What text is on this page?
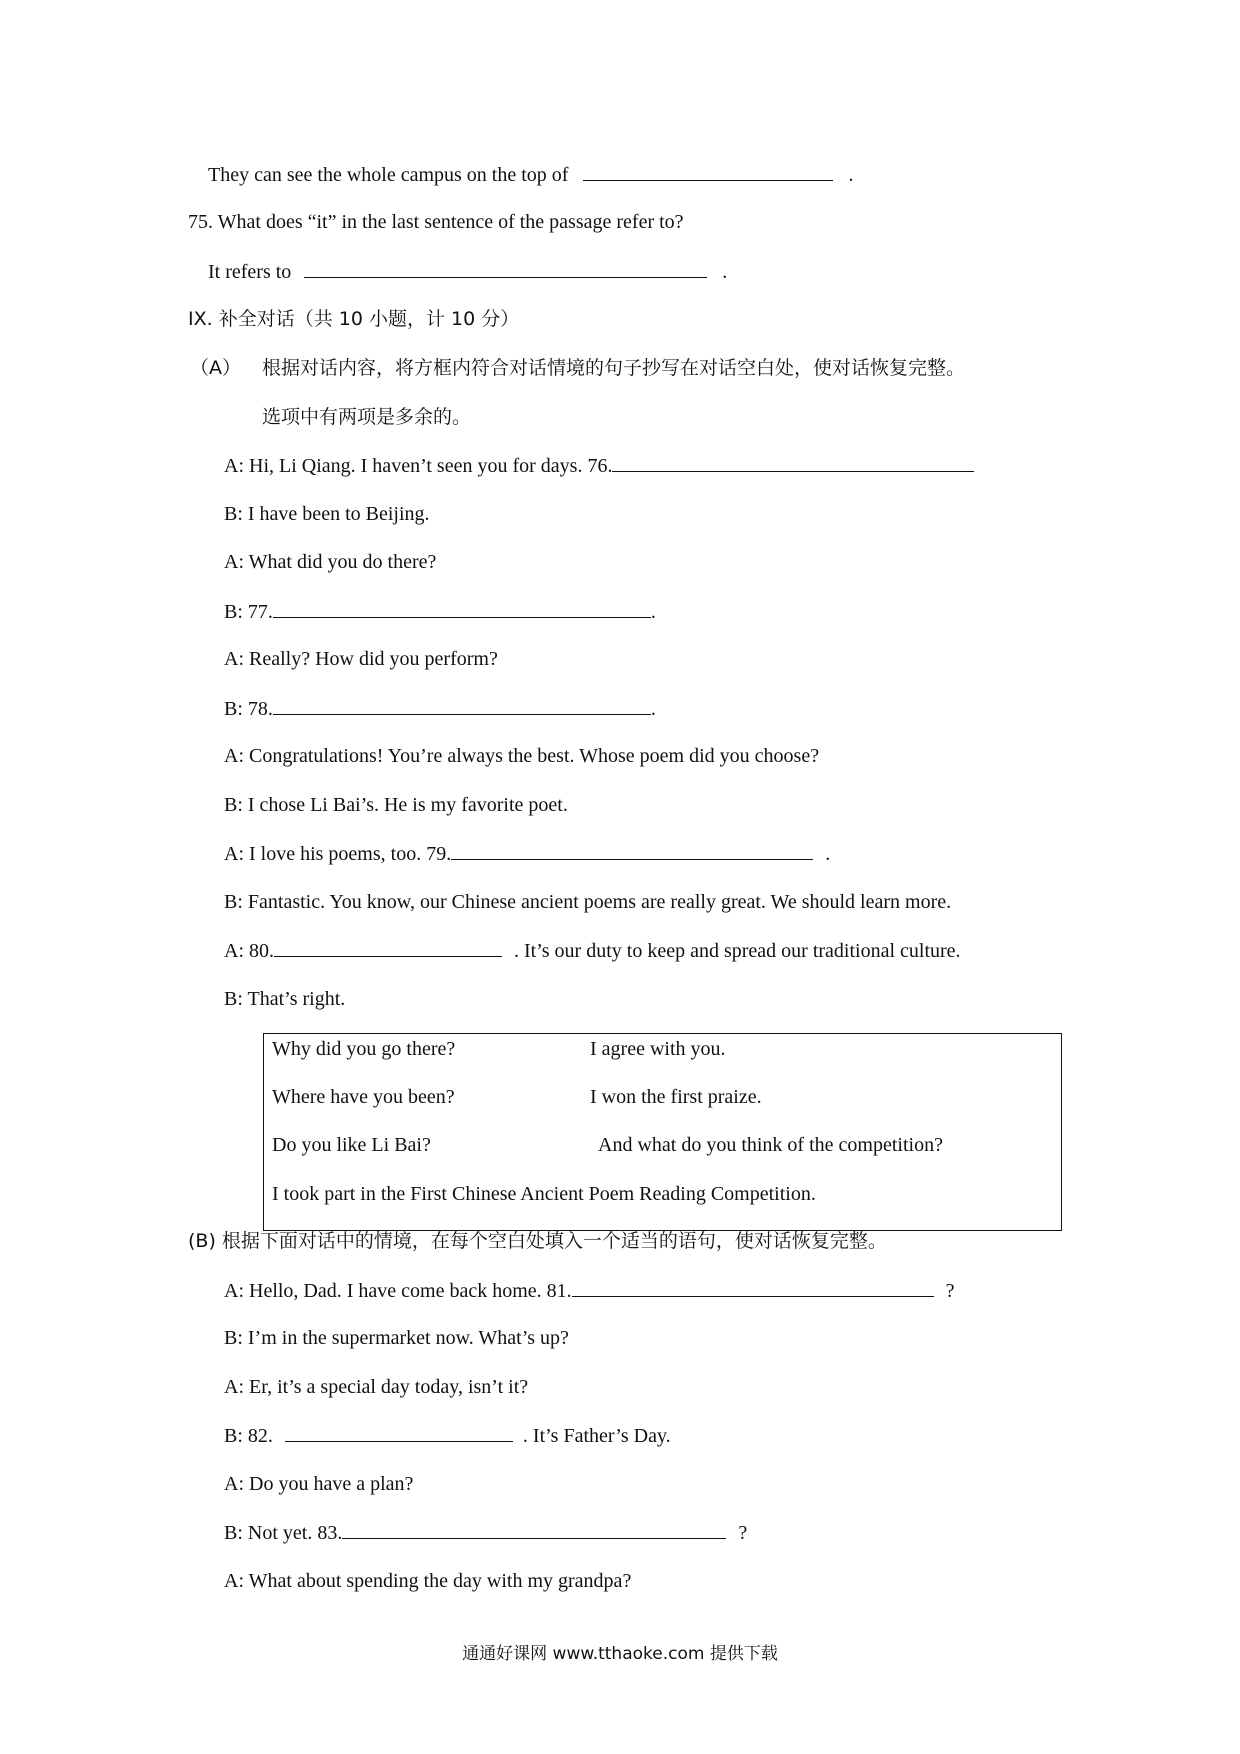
They can see the whole campus on the top of	.
75. What does “it” in the last sentence of the passage refer to?
It refers to	.
IX. 补全对话（共 10 小题，计 10 分）
（A） 根据对话内容，将方框内符合对话情境的句子抄写在对话空白处，使对话恢复完整。
选项中有两项是多余的。
A: Hi, Li Qiang. I haven’t seen you for days. 76.
B: I have been to Beijing.
A: What did you do there?
B: 77.	.
A: Really? How did you perform?
B: 78.	.
A: Congratulations! You’re always the best. Whose poem did you choose?
B: I chose Li Bai’s. He is my favorite poet.
A: I love his poems, too. 79.	.
B: Fantastic. You know, our Chinese ancient poems are really great. We should learn more.
A: 80.	. It’s our duty to keep and spread our traditional culture.
B: That’s right.
Why did you go there?	I agree with you.
Where have you been?	I won the first praize.
Do you like Li Bai?	And what do you think of the competition?
I took part in the First Chinese Ancient Poem Reading Competition.
(B) 根据下面对话中的情境，在每个空白处填入一个适当的语句，使对话恢复完整。
A: Hello, Dad. I have come back home. 81.	?
B: I’m in the supermarket now. What’s up?
A: Er, it’s a special day today, isn’t it?
B: 82.	. It’s Father’s Day.
A: Do you have a plan?
B: Not yet. 83.	?
A: What about spending the day with my grandpa?
通通好课网 www.tthaoke.com 提供下载
